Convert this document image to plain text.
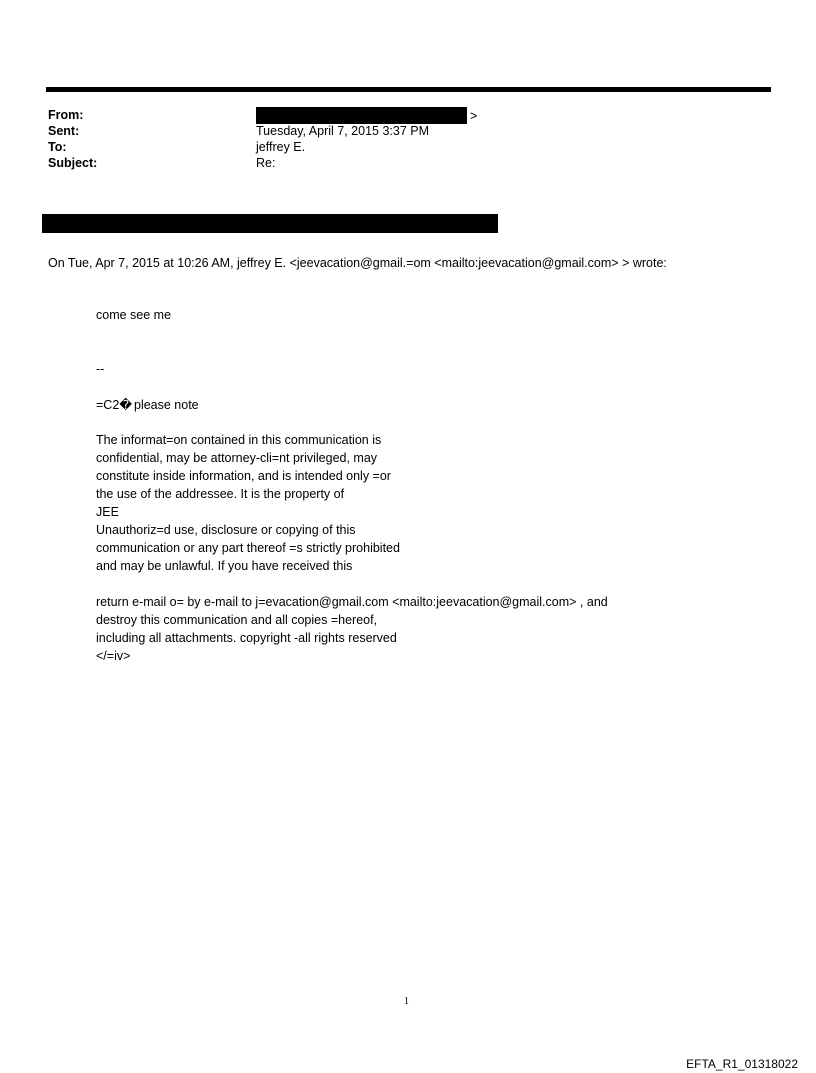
From:	>
Sent:	Tuesday, April 7, 2015 3:37 PM
To:	jeffrey E.
Subject:	Re:
On Tue, Apr 7, 2015 at 10:26 AM, jeffrey E. <jeevacation@gmail.=om <mailto:jeevacation@gmail.com> > wrote:
come see me
--
=C2� please note
The informat=on contained in this communication is
confidential, may be attorney-cli=nt privileged, may
constitute inside information, and is intended only =or
the use of the addressee. It is the property of
JEE
Unauthoriz=d use, disclosure or copying of this
communication or any part thereof =s strictly prohibited
and may be unlawful. If you have received this
return e-mail o= by e-mail to j=evacation@gmail.com <mailto:jeevacation@gmail.com> , and
destroy this communication and all copies =hereof,
including all attachments. copyright -all rights reserved
</=iv>
1
EFTA_R1_01318022
